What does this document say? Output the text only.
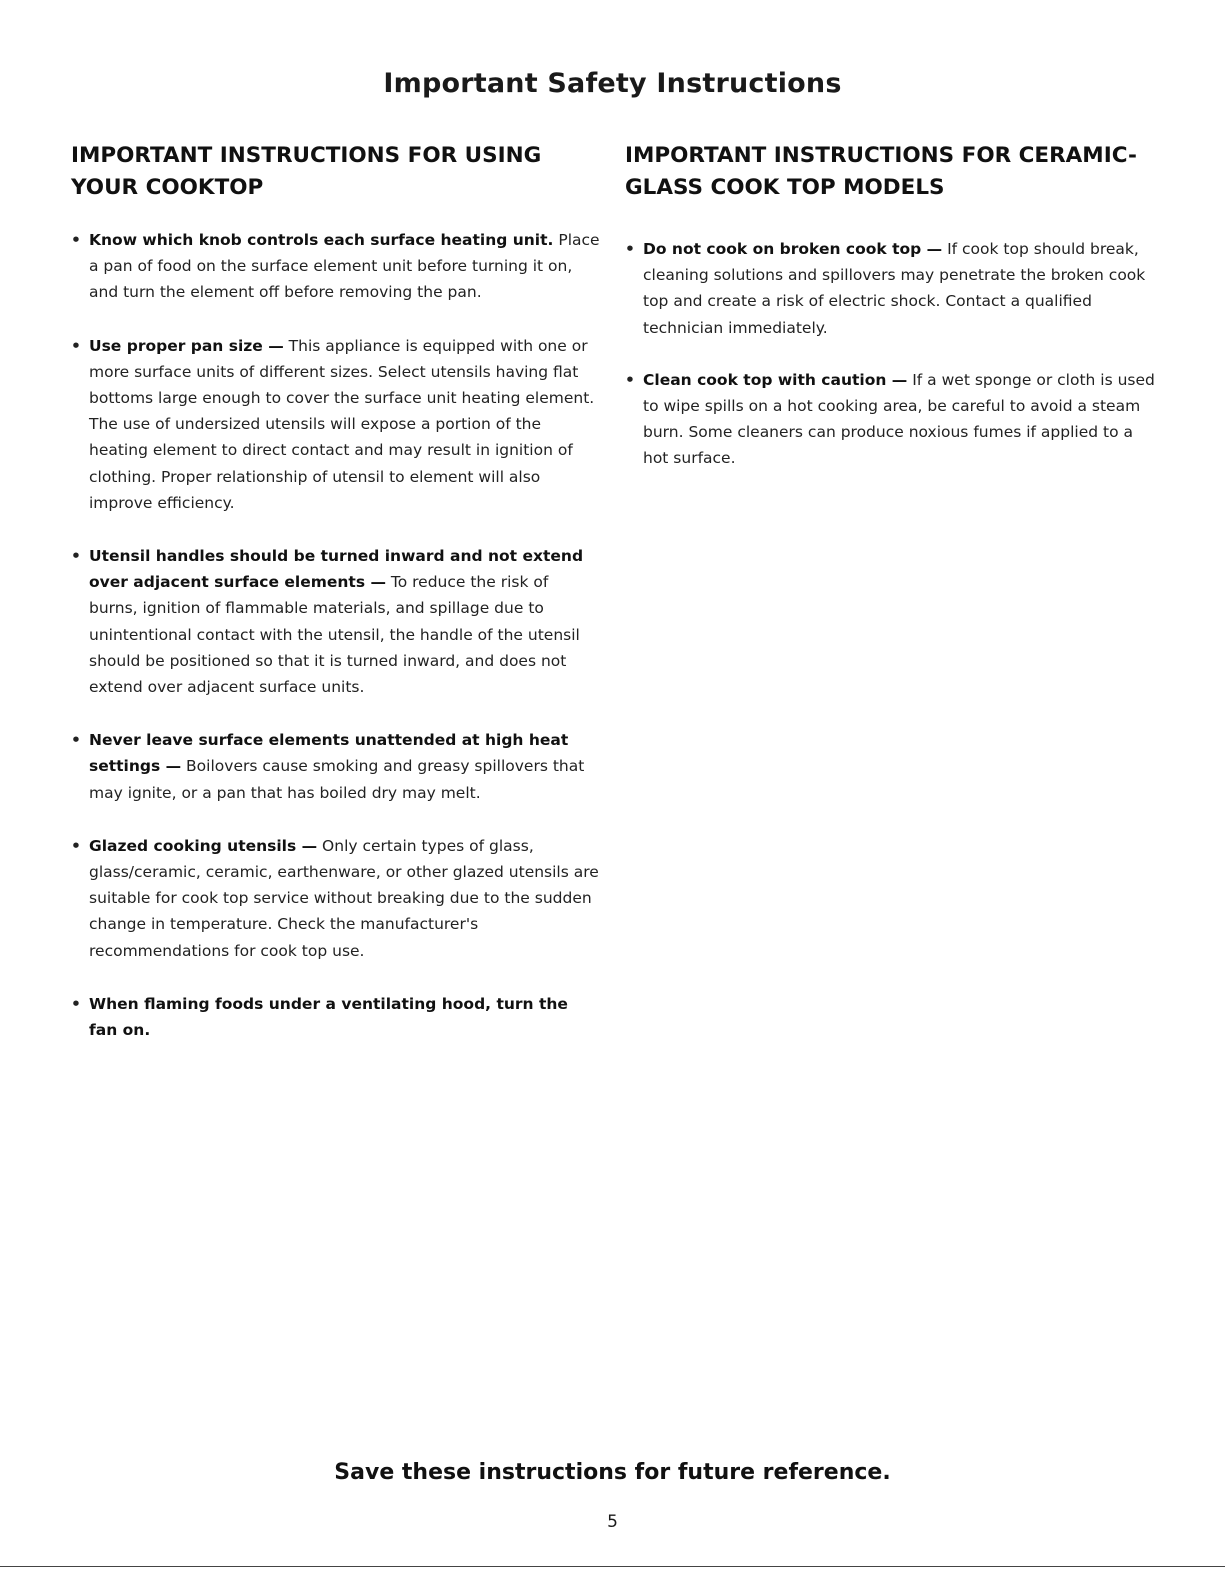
Important Safety Instructions
IMPORTANT INSTRUCTIONS FOR USING YOUR COOKTOP
• Know which knob controls each surface heating unit. Place a pan of food on the surface element unit before turning it on, and turn the element off before removing the pan.
• Use proper pan size — This appliance is equipped with one or more surface units of different sizes. Select utensils having flat bottoms large enough to cover the surface unit heating element. The use of undersized utensils will expose a portion of the heating element to direct contact and may result in ignition of clothing. Proper relationship of utensil to element will also improve efficiency.
• Utensil handles should be turned inward and not extend over adjacent surface elements — To reduce the risk of burns, ignition of flammable materials, and spillage due to unintentional contact with the utensil, the handle of the utensil should be positioned so that it is turned inward, and does not extend over adjacent surface units.
• Never leave surface elements unattended at high heat settings — Boilovers cause smoking and greasy spillovers that may ignite, or a pan that has boiled dry may melt.
• Glazed cooking utensils — Only certain types of glass, glass/ceramic, ceramic, earthenware, or other glazed utensils are suitable for cook top service without breaking due to the sudden change in temperature. Check the manufacturer's recommendations for cook top use.
• When flaming foods under a ventilating hood, turn the fan on.
IMPORTANT INSTRUCTIONS FOR CERAMIC-GLASS COOK TOP MODELS
• Do not cook on broken cook top — If cook top should break, cleaning solutions and spillovers may penetrate the broken cook top and create a risk of electric shock. Contact a qualified technician immediately.
• Clean cook top with caution — If a wet sponge or cloth is used to wipe spills on a hot cooking area, be careful to avoid a steam burn. Some cleaners can produce noxious fumes if applied to a hot surface.

Save these instructions for future reference.

5
